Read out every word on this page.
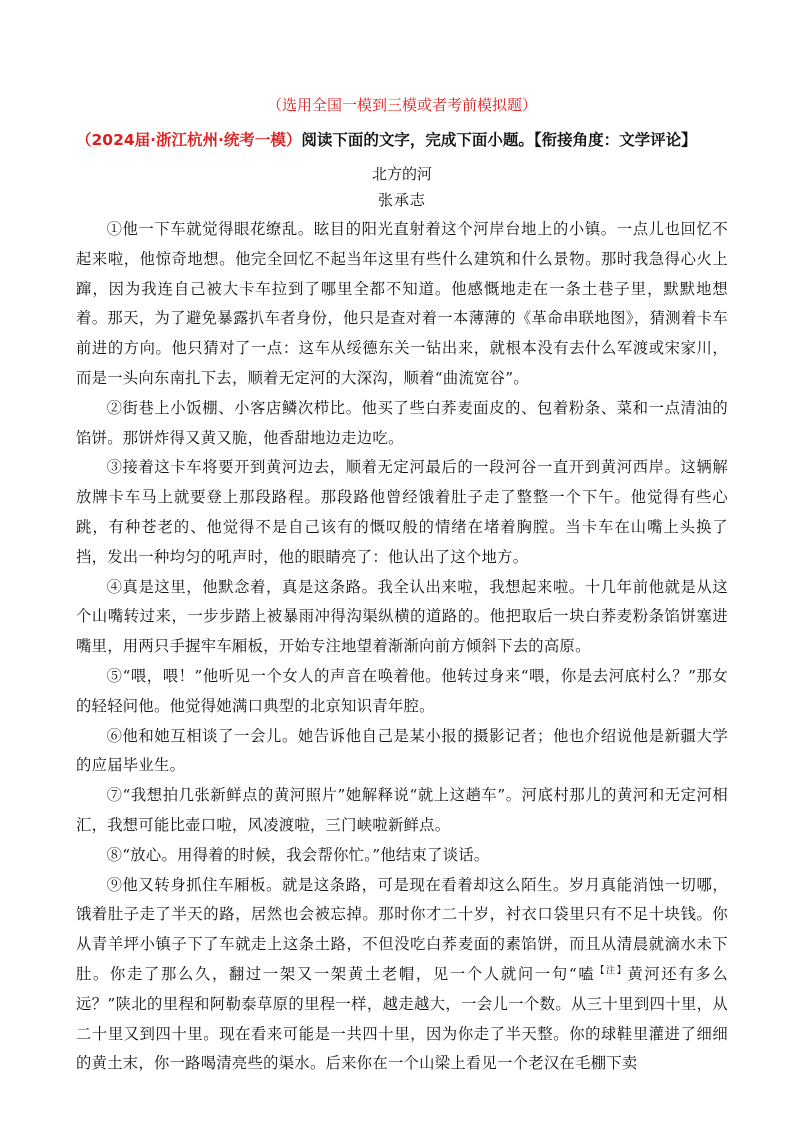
（选用全国一模到三模或者考前模拟题）

（2024届·浙江杭州·统考一模）阅读下面的文字，完成下面小题。【衔接角度：文学评论】

北方的河

张承志

①他一下车就觉得眼花缭乱。眩目的阳光直射着这个河岸台地上的小镇。一点儿也回忆不起来啦，他惊奇地想。他完全回忆不起当年这里有些什么建筑和什么景物。那时我急得心火上蹿，因为我连自己被大卡车拉到了哪里全都不知道。他感慨地走在一条土巷子里，默默地想着。那天，为了避免暴露扒车者身份，他只是查对着一本薄薄的《革命串联地图》，猜测着卡车前进的方向。他只猜对了一点：这车从绥德东关一钻出来，就根本没有去什么军渡或宋家川，而是一头向东南扎下去，顺着无定河的大深沟，顺着“曲流宽谷”。

②街巷上小饭棚、小客店鳞次栉比。他买了些白荞麦面皮的、包着粉条、菜和一点清油的馅饼。那饼炸得又黄又脆，他香甜地边走边吃。

③接着这卡车将要开到黄河边去，顺着无定河最后的一段河谷一直开到黄河西岸。这辆解放牌卡车马上就要登上那段路程。那段路他曾经饿着肚子走了整整一个下午。他觉得有些心跳，有种苍老的、他觉得不是自己该有的慨叹般的情绪在堵着胸膛。当卡车在山嘴上头换了挡，发出一种均匀的吼声时，他的眼睛亮了：他认出了这个地方。

④真是这里，他默念着，真是这条路。我全认出来啦，我想起来啦。十几年前他就是从这个山嘴转过来，一步步踏上被暴雨冲得沟渠纵横的道路的。他把取后一块白荞麦粉条馅饼塞进嘴里，用两只手握牢车厢板，开始专注地望着渐渐向前方倾斜下去的高原。

⑤“喂，喂！”他听见一个女人的声音在唤着他。他转过身来“喂，你是去河底村么？”那女的轻轻问他。他觉得她满口典型的北京知识青年腔。

⑥他和她互相谈了一会儿。她告诉他自己是某小报的摄影记者；他也介绍说他是新疆大学的应届毕业生。

⑦“我想拍几张新鲜点的黄河照片”她解释说“就上这趟车”。河底村那儿的黄河和无定河相汇，我想可能比壶口啦，风凌渡啦，三门峡啦新鲜点。

⑧“放心。用得着的时候，我会帮你忙。”他结束了谈话。

⑨他又转身抓住车厢板。就是这条路，可是现在看着却这么陌生。岁月真能消蚀一切哪，饿着肚子走了半天的路，居然也会被忘掉。那时你才二十岁，衬衣口袋里只有不足十块钱。你从青羊坪小镇子下了车就走上这条土路，不但没吃白荞麦面的素馅饼，而且从清晨就滴水未下肚。你走了那么久，翻过一架又一架黄土老帽，见一个人就问一句“嗑$^{【注】}$黄河还有多么远？”陕北的里程和阿勒泰草原的里程一样，越走越大，一会儿一个数。从三十里到四十里，从二十里又到四十里。现在看来可能是一共四十里，因为你走了半天整。你的球鞋里灌进了细细的黄土末，你一路喝清亮些的渠水。后来你在一个山梁上看见一个老汉在毛棚下卖
